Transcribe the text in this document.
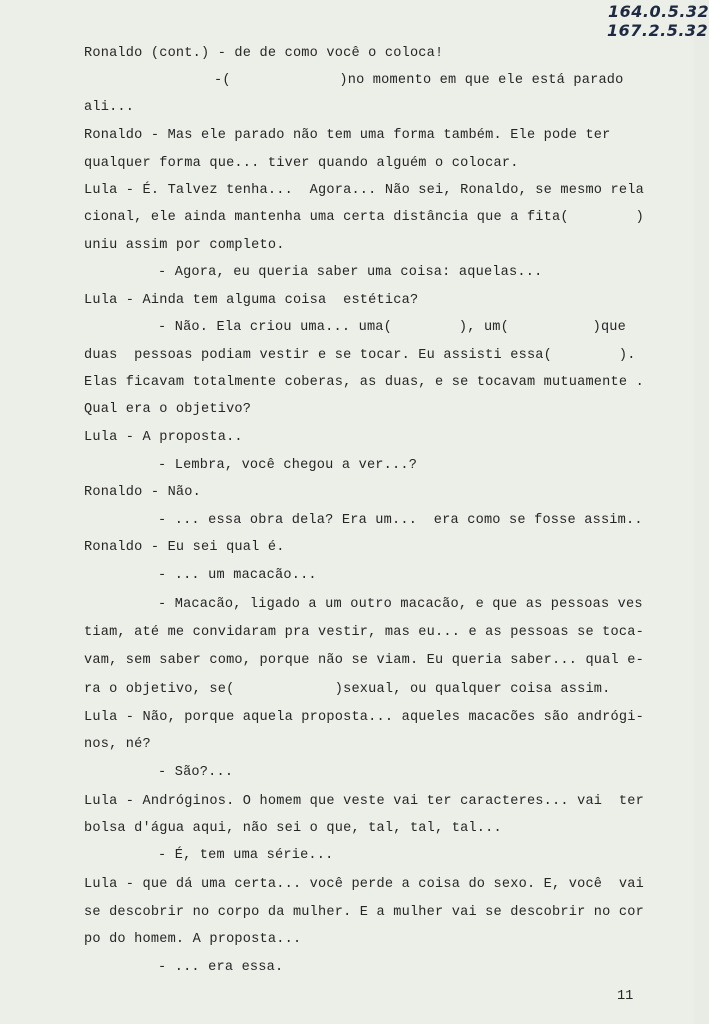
164.0.5.32
167.2.5.32
Ronaldo (cont.) - de de como você o coloca!
-(             )no momento em que ele está parado
ali...
Ronaldo - Mas ele parado não tem uma forma também. Ele pode ter
qualquer forma que... tiver quando alguém o colocar.
Lula - É. Talvez tenha...  Agora... Não sei, Ronaldo, se mesmo rela
cional, ele ainda mantenha uma certa distância que a fita(        )
uniu assim por completo.
- Agora, eu queria saber uma coisa: aquelas...
Lula - Ainda tem alguma coisa  estética?
- Não. Ela criou uma... uma(        ), um(          )que
duas  pessoas podiam vestir e se tocar. Eu assisti essa(        ).
Elas ficavam totalmente coberas, as duas, e se tocavam mutuamente .
Qual era o objetivo?
Lula - A proposta..
- Lembra, você chegou a ver...?
Ronaldo - Não.
- ... essa obra dela? Era um...  era como se fosse assim..
Ronaldo - Eu sei qual é.
- ... um macacão...
- Macacão, ligado a um outro macacão, e que as pessoas ves
tiam, até me convidaram pra vestir, mas eu... e as pessoas se toca-
vam, sem saber como, porque não se viam. Eu queria saber... qual e-
ra o objetivo, se(            )sexual, ou qualquer coisa assim.
Lula - Não, porque aquela proposta... aqueles macacões são andrógi-
nos, né?
- São?...
Lula - Andróginos. O homem que veste vai ter caracteres... vai  ter
bolsa d'água aqui, não sei o que, tal, tal, tal...
- É, tem uma série...
Lula - que dá uma certa... você perde a coisa do sexo. E, você  vai
se descobrir no corpo da mulher. E a mulher vai se descobrir no cor
po do homem. A proposta...
- ... era essa.
11
